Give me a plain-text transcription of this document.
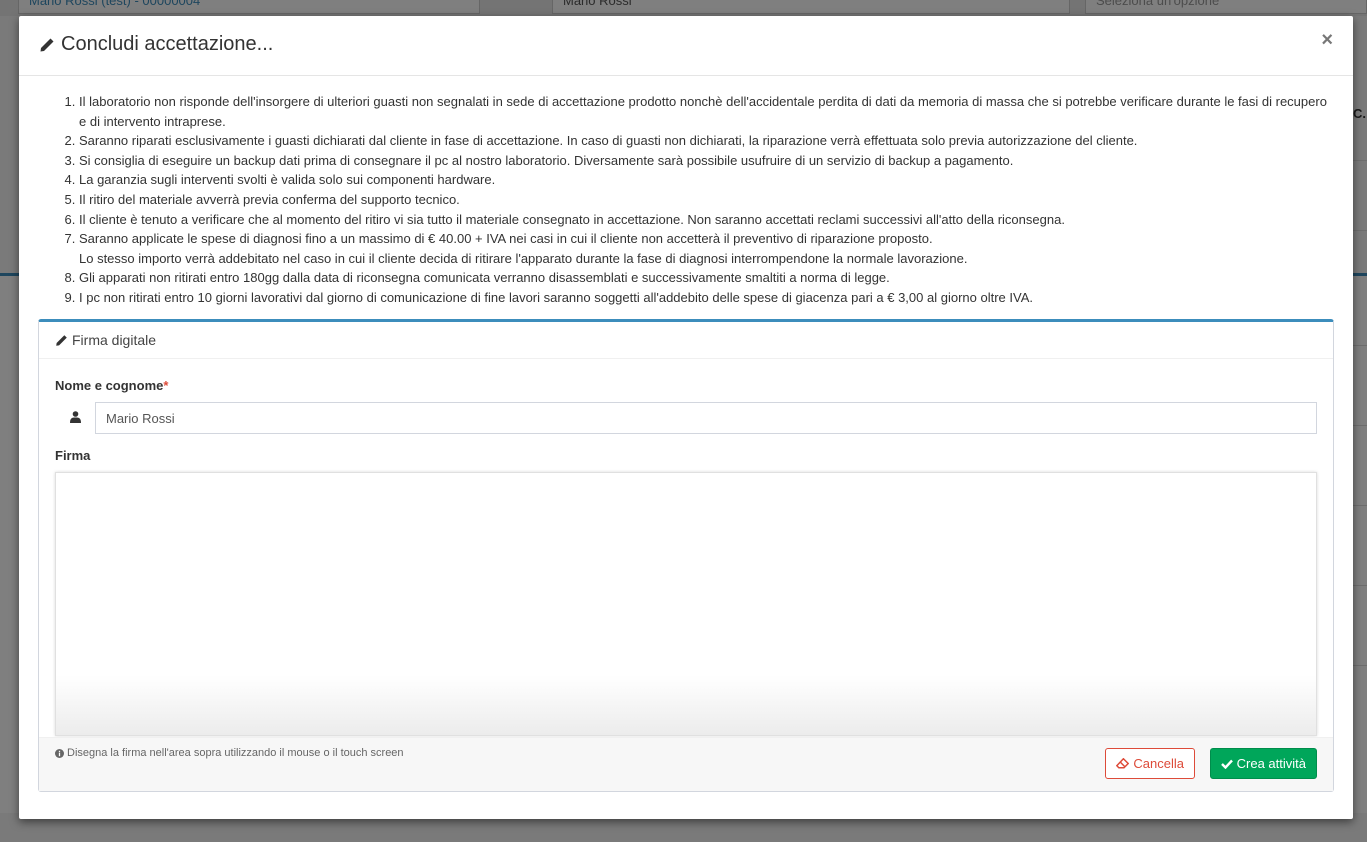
Concludi accettazione...	×
1. Il laboratorio non risponde dell'insorgere di ulteriori guasti non segnalati in sede di accettazione prodotto nonchè dell'accidentale perdita di dati da memoria di massa che si potrebbe verificare durante le fasi di recupero e di intervento intraprese.
2. Saranno riparati esclusivamente i guasti dichiarati dal cliente in fase di accettazione. In caso di guasti non dichiarati, la riparazione verrà effettuata solo previa autorizzazione del cliente.
3. Si consiglia di eseguire un backup dati prima di consegnare il pc al nostro laboratorio. Diversamente sarà possibile usufruire di un servizio di backup a pagamento.
4. La garanzia sugli interventi svolti è valida solo sui componenti hardware.
5. Il ritiro del materiale avverrà previa conferma del supporto tecnico.
6. Il cliente è tenuto a verificare che al momento del ritiro vi sia tutto il materiale consegnato in accettazione. Non saranno accettati reclami successivi all'atto della riconsegna.
7. Saranno applicate le spese di diagnosi fino a un massimo di € 40.00 + IVA nei casi in cui il cliente non accetterà il preventivo di riparazione proposto.
Lo stesso importo verrà addebitato nel caso in cui il cliente decida di ritirare l'apparato durante la fase di diagnosi interrompendone la normale lavorazione.
8. Gli apparati non ritirati entro 180gg dalla data di riconsegna comunicata verranno disassemblati e successivamente smaltiti a norma di legge.
9. I pc non ritirati entro 10 giorni lavorativi dal giorno di comunicazione di fine lavori saranno soggetti all'addebito delle spese di giacenza pari a € 3,00 al giorno oltre IVA.
Firma digitale
Nome e cognome*
Mario Rossi
Firma
Disegna la firma nell'area sopra utilizzando il mouse o il touch screen
Cancella	Crea attività
